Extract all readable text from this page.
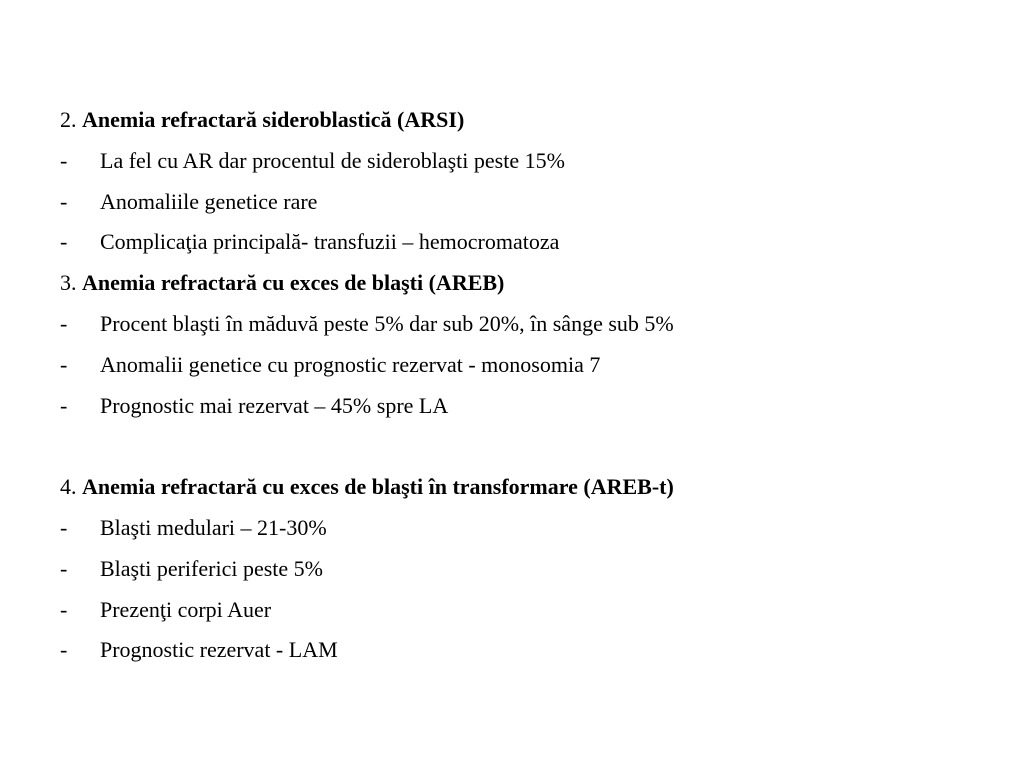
2. Anemia refractară sideroblastică (ARSI)
- La fel cu AR dar procentul de sideroblaşti peste 15%
- Anomaliile genetice rare
- Complicaţia principală- transfuzii – hemocromatoza
3. Anemia refractară cu exces de blaşti (AREB)
- Procent blaşti în măduvă peste 5% dar sub 20%, în sânge sub 5%
- Anomalii genetice cu prognostic rezervat - monosomia 7
- Prognostic mai rezervat – 45% spre LA
4. Anemia refractară cu exces de blaşti în transformare (AREB-t)
- Blaşti medulari – 21-30%
- Blaşti periferici peste 5%
- Prezenţi corpi Auer
- Prognostic rezervat - LAM
